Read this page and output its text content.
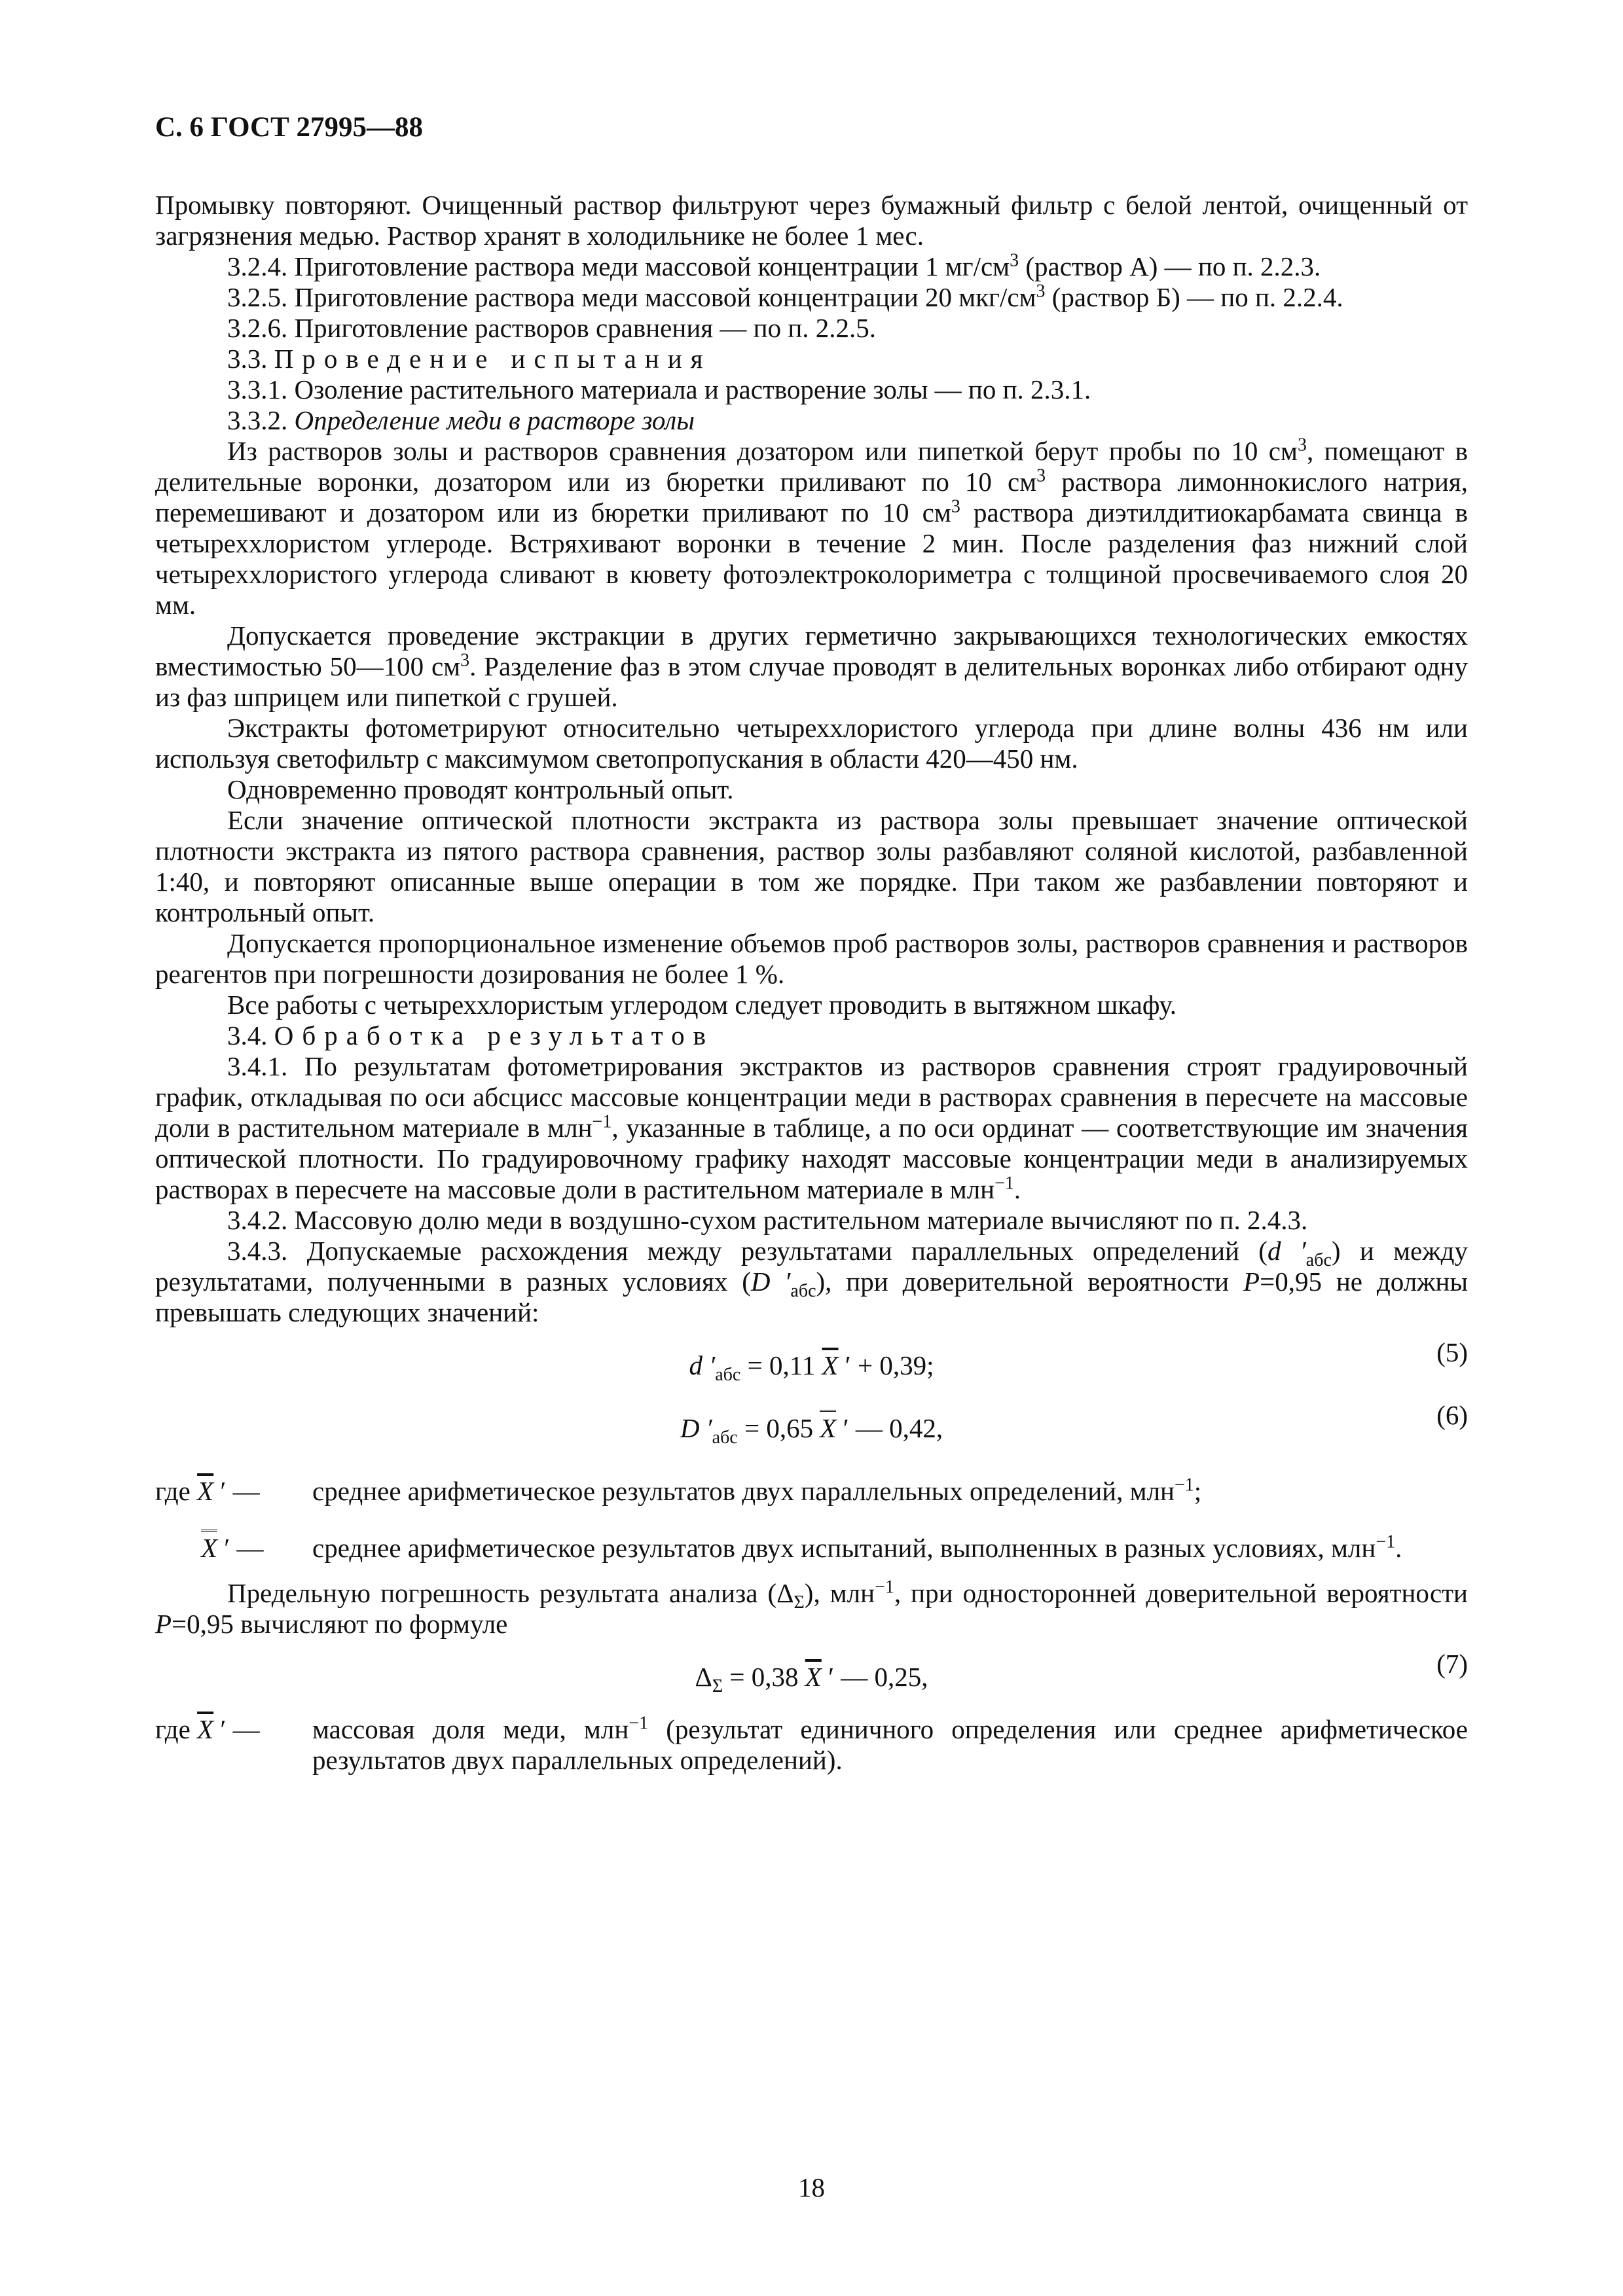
С. 6 ГОСТ 27995—88

Промывку повторяют. Очищенный раствор фильтруют через бумажный фильтр с белой лентой, очищенный от загрязнения медью. Раствор хранят в холодильнике не более 1 мес.

3.2.4. Приготовление раствора меди массовой концентрации 1 $мг/см^3$ (раствор А) — по п. 2.2.3.

3.2.5. Приготовление раствора меди массовой концентрации 20 мкг/$см^3$ (раствор Б) — по п. 2.2.4.

3.2.6. Приготовление растворов сравнения — по п. 2.2.5.

3.3. Проведение испытания

3.3.1. Озоление растительного материала и растворение золы — по п. 2.3.1.

3.3.2. Определение меди в растворе золы

Из растворов золы и растворов сравнения дозатором или пипеткой берут пробы по 10 $см^3$, помещают в делительные воронки, дозатором или из бюретки приливают по 10 $см^3$ раствора лимоннокислого натрия, перемешивают и дозатором или из бюретки приливают по 10 $см^3$ раствора диэтилдитиокарбамата свинца в четыреххлористом углероде. Встряхивают воронки в течение 2 мин. После разделения фаз нижний слой четыреххлористого углерода сливают в кювету фотоэлектроколориметра с толщиной просвечиваемого слоя 20 мм.

Допускается проведение экстракции в других герметично закрывающихся технологических емкостях вместимостью 50—100 $см^3$. Разделение фаз в этом случае проводят в делительных воронках либо отбирают одну из фаз шприцем или пипеткой с грушей.

Экстракты фотометрируют относительно четыреххлористого углерода при длине волны 436 нм или используя светофильтр с максимумом светопропускания в области 420—450 нм.

Одновременно проводят контрольный опыт.

Если значение оптической плотности экстракта из раствора золы превышает значение оптической плотности экстракта из пятого раствора сравнения, раствор золы разбавляют соляной кислотой, разбавленной 1:40, и повторяют описанные выше операции в том же порядке. При таком же разбавлении повторяют и контрольный опыт.

Допускается пропорциональное изменение объемов проб растворов золы, растворов сравнения и растворов реагентов при погрешности дозирования не более 1 %.

Все работы с четыреххлористым углеродом следует проводить в вытяжном шкафу.

3.4. Обработка результатов

3.4.1. По результатам фотометрирования экстрактов из растворов сравнения строят градуировочный график, откладывая по оси абсцисс массовые концентрации меди в растворах сравнения в пересчете на массовые доли в растительном материале в млн$^{-1}$, указанные в таблице, а по оси ординат — соответствующие им значения оптической плотности. По градуировочному графику находят массовые концентрации меди в анализируемых растворах в пересчете на массовые доли в растительном материале в млн$^{-1}$.

3.4.2. Массовую долю меди в воздушно-сухом растительном материале вычисляют по п. 2.4.3.

3.4.3. Допускаемые расхождения между результатами параллельных определений (d $'_{абс}$) и между результатами, полученными в разных условиях (D $'_{абс}$), при доверительной вероятности P=0,95 не должны превышать следующих значений:

d $'_{абс} = 0,11$ $\overline{X}$ ′ + 0,39;	(5)
D $'_{абс} = 0,65$ X ′ — 0,42,	(6)
где $\overline{X}$ ′ —	среднее арифметическое результатов двух параллельных определений, млн$^{-1}$;
X ′ —	среднее арифметическое результатов двух испытаний, выполненных в разных условиях, млн$^{-1}$.

Предельную погрешность результата анализа $(\Delta_\Sigma)$, млн$^{-1}$, при односторонней доверительной вероятности P=0,95 вычисляют по формуле

$\Delta_\Sigma = 0,38$ $\overline{X}$ ′ — 0,25,	(7)
где $\overline{X}$ ′ —	массовая доля меди, млн$^{-1}$ (результат единичного определения или среднее арифметическое результатов двух параллельных определений).
18
